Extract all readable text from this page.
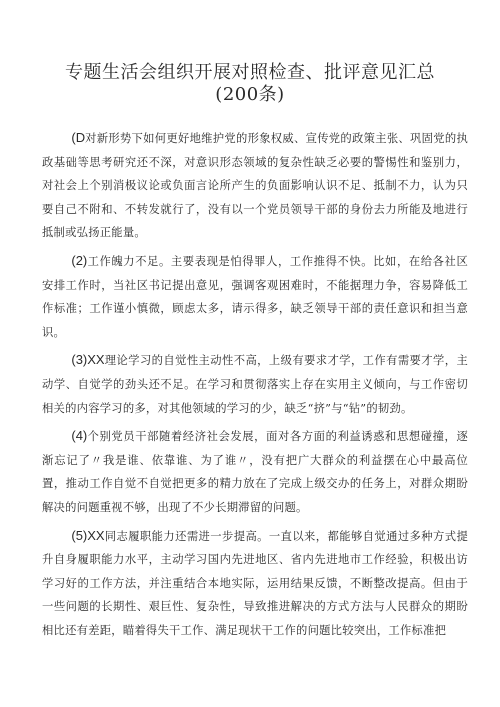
专题生活会组织开展对照检查、批评意见汇总
(200条)

(D对新形势下如何更好地维护党的形象权威、宣传党的政策主张、巩固党的执政基础等思考研究还不深，对意识形态领域的复杂性缺乏必要的警惕性和鉴别力，对社会上个别消极议论或负面言论所产生的负面影响认识不足、抵制不力，认为只要自己不附和、不转发就行了，没有以一个党员领导干部的身份去力所能及地进行抵制或弘扬正能量。

(2)工作魄力不足。主要表现是怕得罪人，工作推得不快。比如，在给各社区安排工作时，当社区书记提出意见，强调客观困难时，不能据理力争，容易降低工作标准；工作谨小慎微，顾虑太多，请示得多，缺乏领导干部的责任意识和担当意识。

(3)XX理论学习的自觉性主动性不高，上级有要求才学，工作有需要才学，主动学、自觉学的劲头还不足。在学习和贯彻落实上存在实用主义倾向，与工作密切相关的内容学习的多，对其他领域的学习的少，缺乏“挤”与“钻”的韧劲。

(4)个别党员干部随着经济社会发展，面对各方面的利益诱惑和思想碰撞，逐渐忘记了〃我是谁、依靠谁、为了谁〃，没有把广大群众的利益摆在心中最高位置，推动工作自觉不自觉把更多的精力放在了完成上级交办的任务上，对群众期盼解决的问题重视不够，出现了不少长期滞留的问题。

(5)XX同志履职能力还需进一步提高。一直以来，都能够自觉通过多种方式提升自身履职能力水平，主动学习国内先进地区、省内先进地市工作经验，积极出访学习好的工作方法，并注重结合本地实际，运用结果反馈，不断整改提高。但由于一些问题的长期性、艰巨性、复杂性，导致推进解决的方式方法与人民群众的期盼相比还有差距，瞄着得失干工作、满足现状干工作的问题比较突出，工作标准把
